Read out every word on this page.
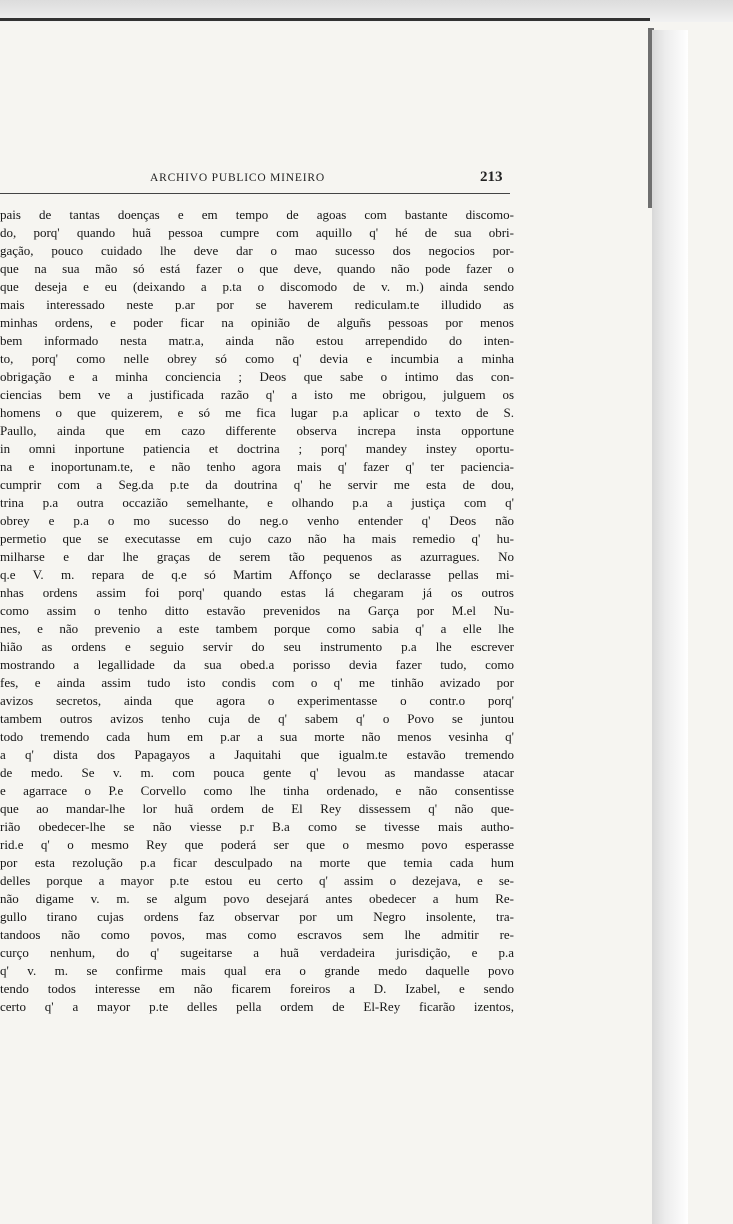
ARCHIVO PUBLICO MINEIRO	213
pais de tantas doenças e em tempo de agoas com bastante discomo-
do, porq' quando huã pessoa cumpre com aquillo q' hé de sua obri-
gação, pouco cuidado lhe deve dar o mao sucesso dos negocios por-
que na sua mão só está fazer o que deve, quando não pode fazer o
que deseja e eu (deixando a p.ta o discomodo de v. m.) ainda sendo
mais interessado neste p.ar por se haverem rediculam.te illudido as
minhas ordens, e poder ficar na opinião de alguñs pessoas por menos
bem informado nesta matr.a, ainda não estou arrependido do inten-
to, porq' como nelle obrey só como q' devia e incumbia a minha
obrigação e a minha conciencia ; Deos que sabe o intimo das con-
ciencias bem ve a justificada razão q' a isto me obrigou, julguem os
homens o que quizerem, e só me fica lugar p.a aplicar o texto de S.
Paullo, ainda que em cazo differente observa increpa insta opportune
in omni inportune patiencia et doctrina ; porq' mandey instey oportu-
na e inoportunam.te, e não tenho agora mais q' fazer q' ter paciencia-
cumprir com a Seg.da p.te da doutrina q' he servir me esta de dou,
trina p.a outra occazião semelhante, e olhando p.a a justiça com q'
obrey e p.a o mo sucesso do neg.o venho entender q' Deos não
permetio que se executasse em cujo cazo não ha mais remedio q' hu-
milharse e dar lhe graças de serem tão pequenos as azurragues. No
q.e V. m. repara de q.e só Martim Affonço se declarasse pellas mi-
nhas ordens assim foi porq' quando estas lá chegaram já os outros
como assim o tenho ditto estavão prevenidos na Garça por M.el Nu-
nes, e não prevenio a este tambem porque como sabia q' a elle lhe
hião as ordens e seguio servir do seu instrumento p.a lhe escrever
mostrando a legallidade da sua obed.a porisso devia fazer tudo, como
fes, e ainda assim tudo isto condis com o q' me tinhão avizado por
avizos secretos, ainda que agora o experimentasse o contr.o porq'
tambem outros avizos tenho cuja de q' sabem q' o Povo se juntou
todo tremendo cada hum em p.ar a sua morte não menos vesinha q'
a q' dista dos Papagayos a Jaquitahi que igualm.te estavão tremendo
de medo. Se v. m. com pouca gente q' levou as mandasse atacar
e agarrace o P.e Corvello como lhe tinha ordenado, e não consentisse
que ao mandar-lhe lor huã ordem de El Rey dissessem q' não que-
rião obedecer-lhe se não viesse p.r B.a como se tivesse mais autho-
rid.e q' o mesmo Rey que poderá ser que o mesmo povo esperasse
por esta rezolução p.a ficar desculpado na morte que temia cada hum
delles porque a mayor p.te estou eu certo q' assim o dezejava, e se-
não digame v. m. se algum povo desejará antes obedecer a hum Re-
gullo tirano cujas ordens faz observar por um Negro insolente, tra-
tandoos não como povos, mas como escravos sem lhe admitir re-
curço nenhum, do q' sugeitarse a huã verdadeira jurisdição, e p.a
q' v. m. se confirme mais qual era o grande medo daquelle povo
tendo todos interesse em não ficarem foreiros a D. Izabel, e sendo
certo q' a mayor p.te delles pella ordem de El-Rey ficarão izentos,
